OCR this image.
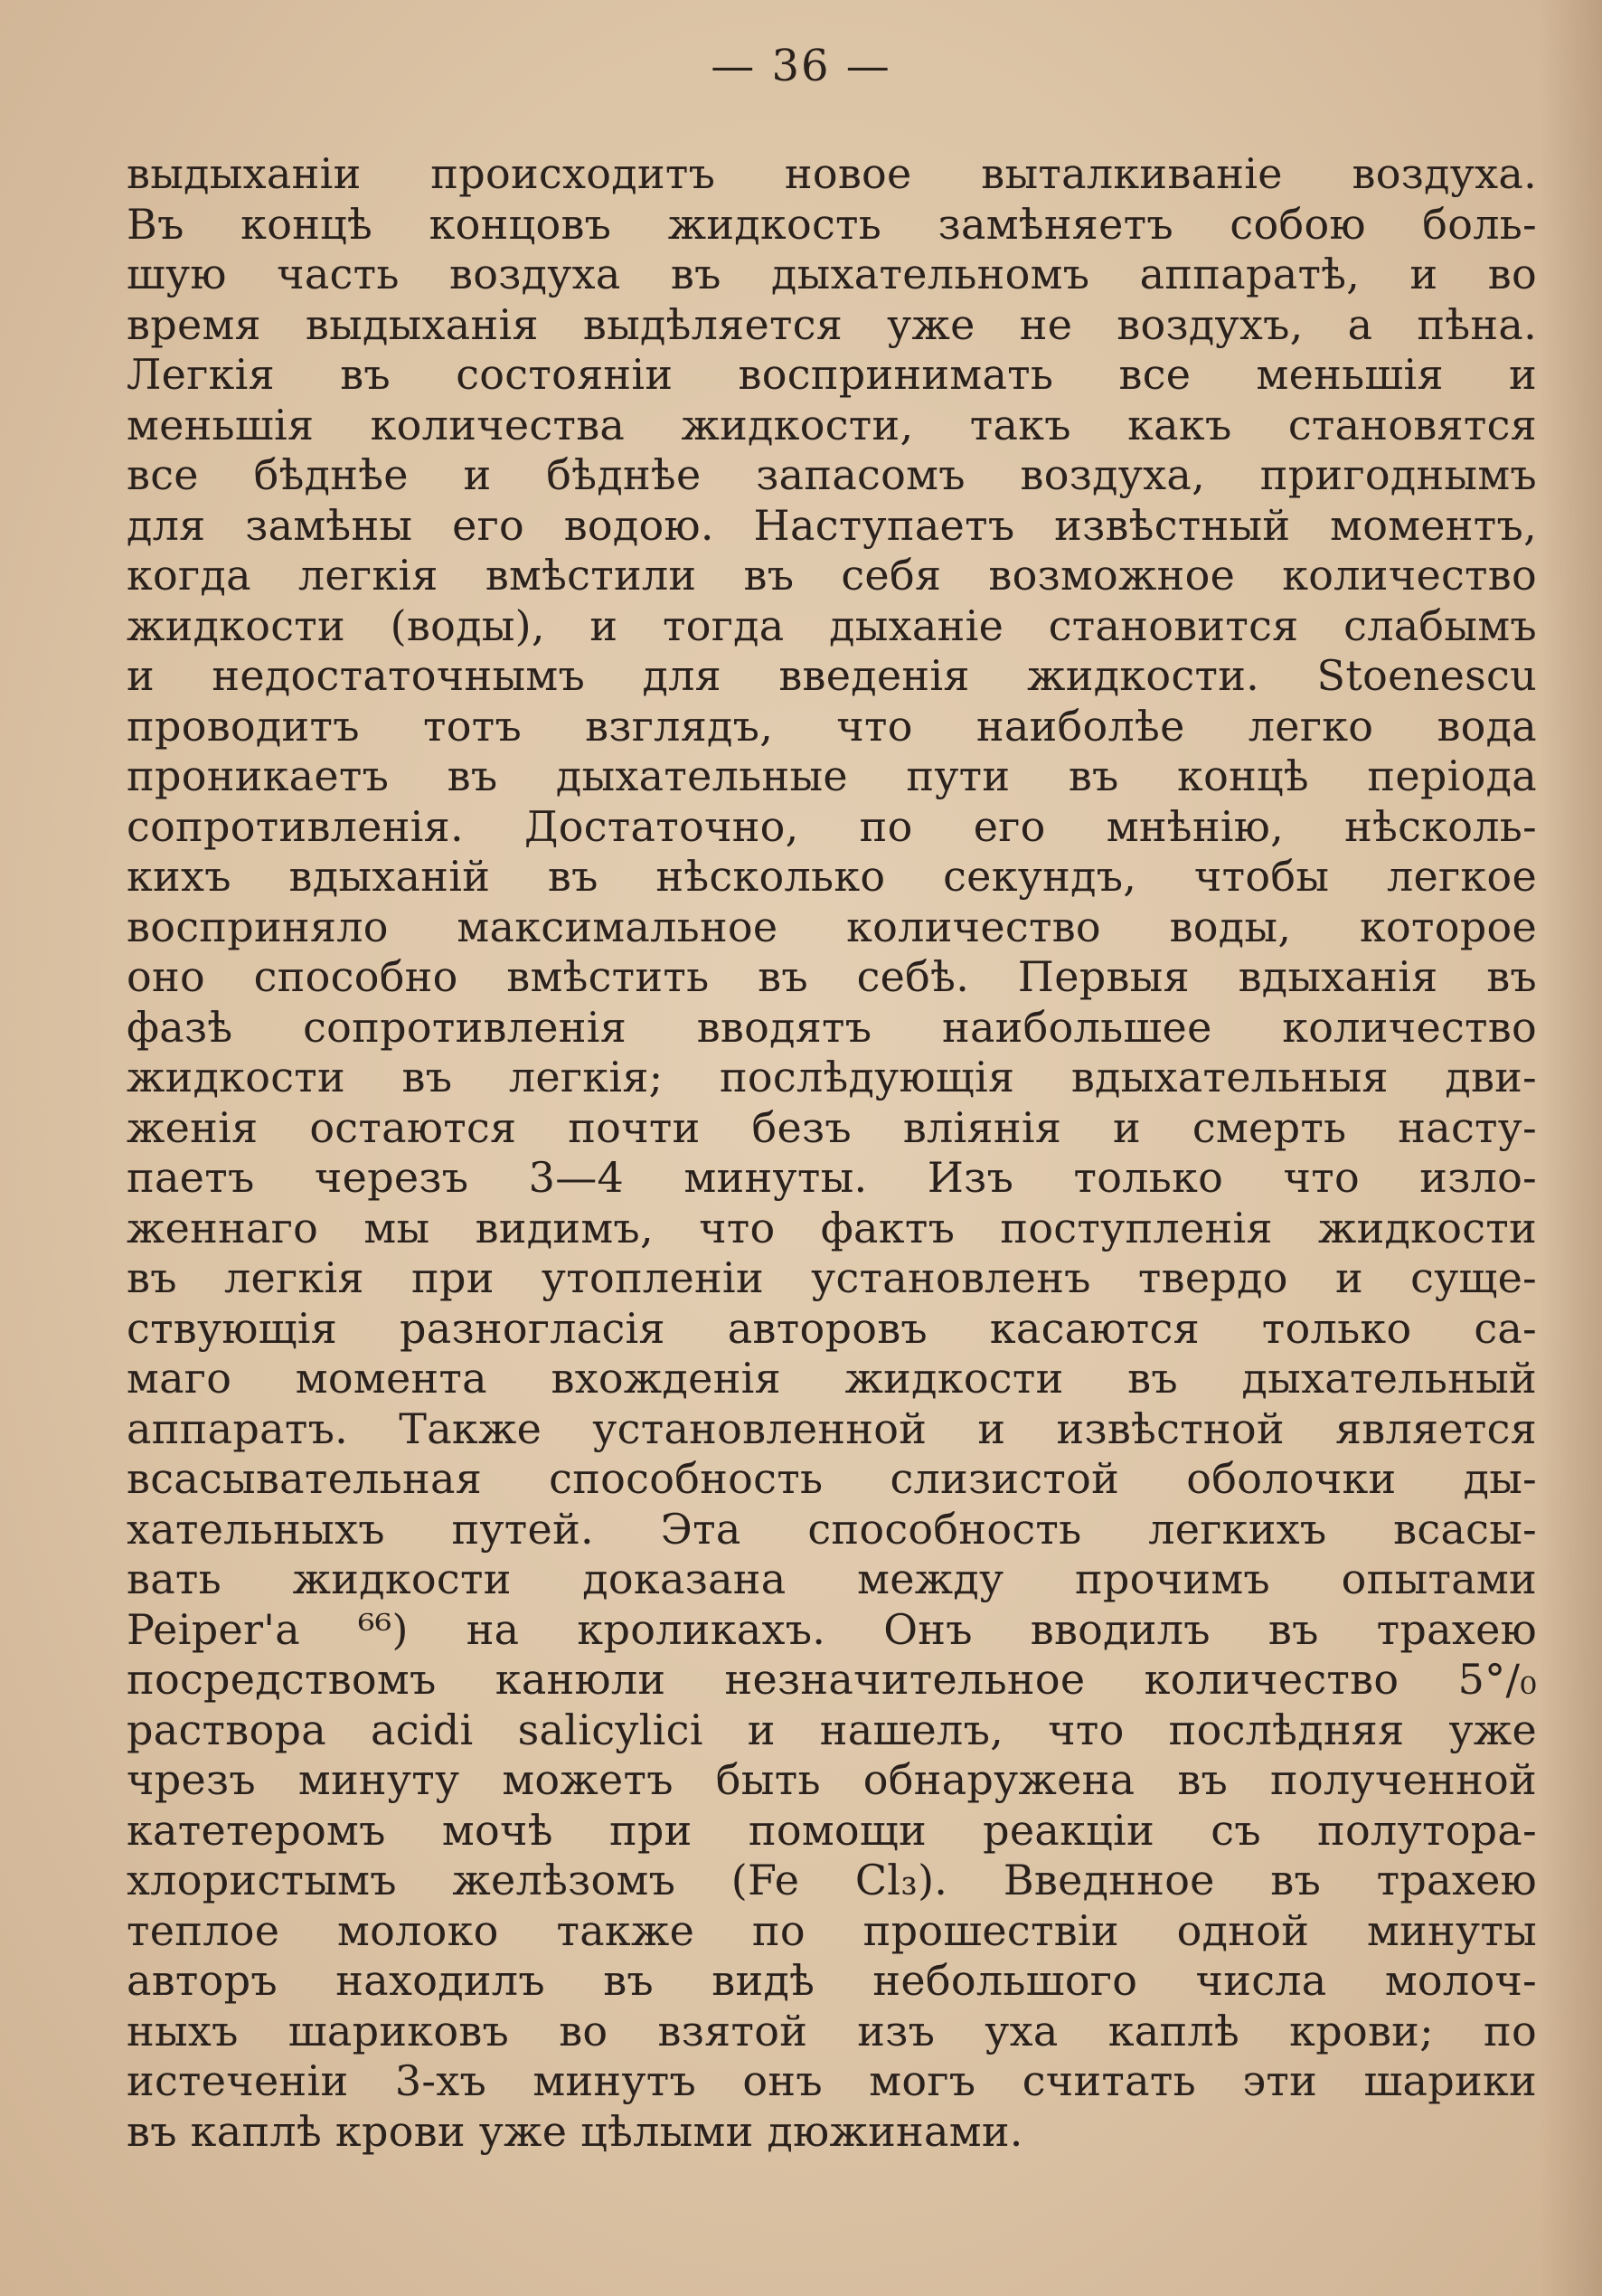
— 36 —
выдыханіи происходитъ новое выталкиваніе воздуха.
Въ концѣ концовъ жидкость замѣняетъ собою боль-
шую часть воздуха въ дыхательномъ аппаратѣ, и во
время выдыханія выдѣляется уже не воздухъ, а пѣна.
Легкія въ состояніи воспринимать все меньшія и
меньшія количества жидкости, такъ какъ становятся
все бѣднѣе и бѣднѣе запасомъ воздуха, пригоднымъ
для замѣны его водою. Наступаетъ извѣстный моментъ,
когда легкія вмѣстили въ себя возможное количество
жидкости (воды), и тогда дыханіе становится слабымъ
и недостаточнымъ для введенія жидкости. Stoenescu
проводитъ тотъ взглядъ, что наиболѣе легко вода
проникаетъ въ дыхательные пути въ концѣ періода
сопротивленія. Достаточно, по его мнѣнію, нѣсколь-
кихъ вдыханій въ нѣсколько секундъ, чтобы легкое
восприняло максимальное количество воды, которое
оно способно вмѣстить въ себѣ. Первыя вдыханія въ
фазѣ сопротивленія вводятъ наибольшее количество
жидкости въ легкія; послѣдующія вдыхательныя дви-
женія остаются почти безъ вліянія и смерть насту-
паетъ черезъ 3—4 минуты. Изъ только что изло-
женнаго мы видимъ, что фактъ поступленія жидкости
въ легкія при утопленіи установленъ твердо и суще-
ствующія разногласія авторовъ касаются только са-
маго момента вхожденія жидкости въ дыхательный
аппаратъ. Также установленной и извѣстной является
всасывательная способность слизистой оболочки ды-
хательныхъ путей. Эта способность легкихъ всасы-
вать жидкости доказана между прочимъ опытами
Peiper'a ⁶⁶) на кроликахъ. Онъ вводилъ въ трахею
посредствомъ канюли незначительное количество 5°/₀
раствора acidi salicylici и нашелъ, что послѣдняя уже
чрезъ минуту можетъ быть обнаружена въ полученной
катетеромъ мочѣ при помощи реакціи съ полутора-
хлористымъ желѣзомъ (Fe Cl₃). Введнное въ трахею
теплое молоко также по прошествіи одной минуты
авторъ находилъ въ видѣ небольшого числа молоч-
ныхъ шариковъ во взятой изъ уха каплѣ крови; по
истеченіи 3-хъ минутъ онъ могъ считать эти шарики
въ каплѣ крови уже цѣлыми дюжинами.
